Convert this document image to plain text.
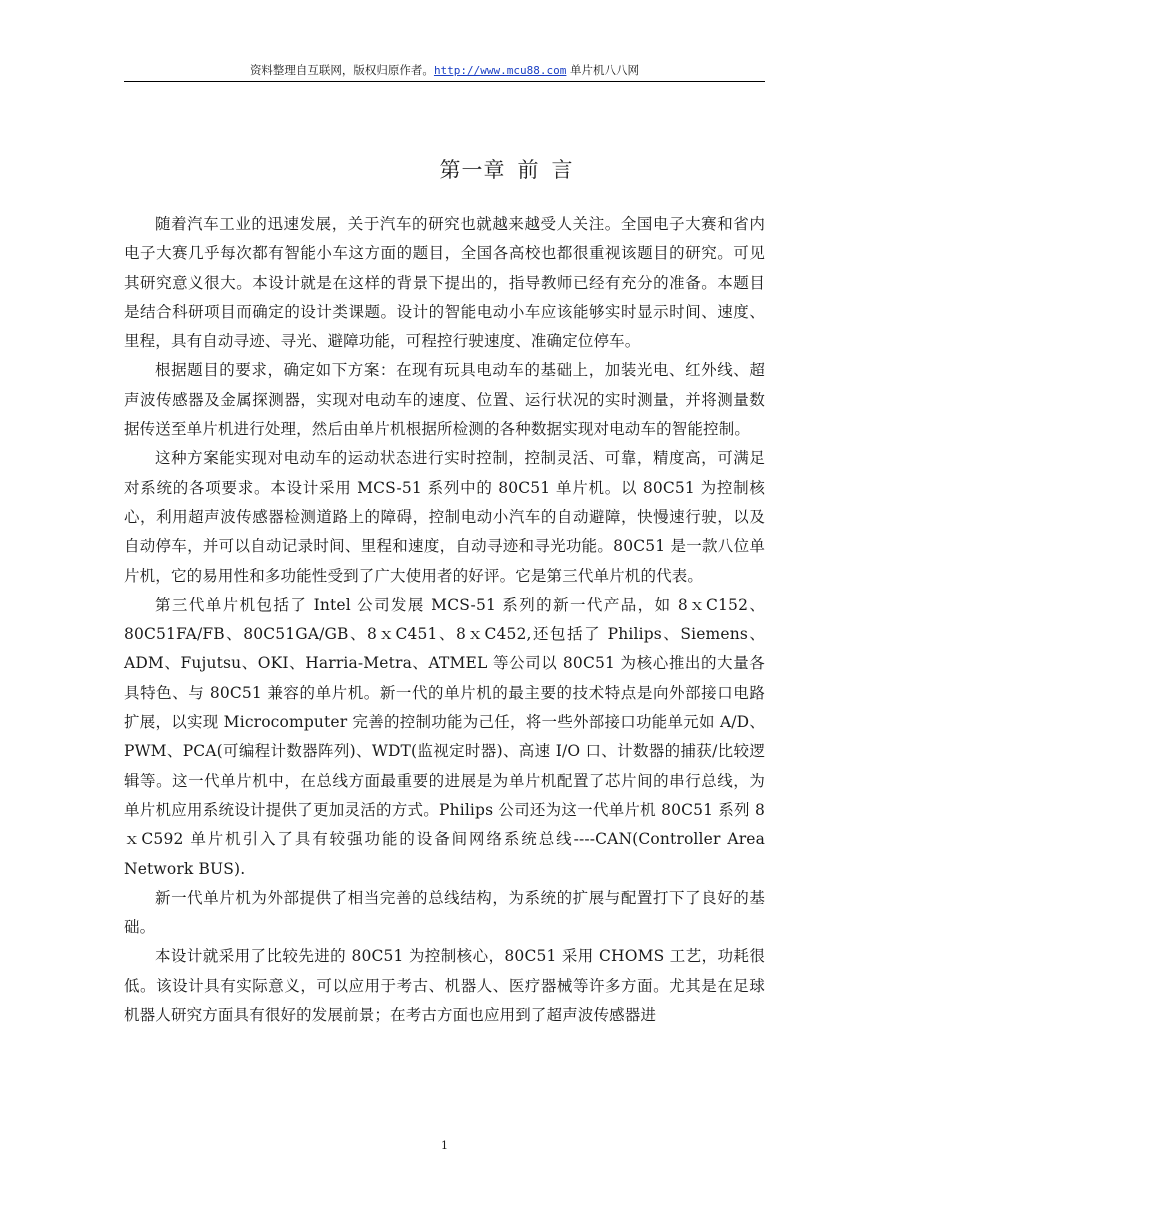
资料整理自互联网，版权归原作者。http://www.mcu88.com 单片机八八网
第一章 前 言

随着汽车工业的迅速发展，关于汽车的研究也就越来越受人关注。全国电子大赛和省内电子大赛几乎每次都有智能小车这方面的题目，全国各高校也都很重视该题目的研究。可见其研究意义很大。本设计就是在这样的背景下提出的，指导教师已经有充分的准备。本题目是结合科研项目而确定的设计类课题。设计的智能电动小车应该能够实时显示时间、速度、里程，具有自动寻迹、寻光、避障功能，可程控行驶速度、准确定位停车。

根据题目的要求，确定如下方案：在现有玩具电动车的基础上，加装光电、红外线、超声波传感器及金属探测器，实现对电动车的速度、位置、运行状况的实时测量，并将测量数据传送至单片机进行处理，然后由单片机根据所检测的各种数据实现对电动车的智能控制。

这种方案能实现对电动车的运动状态进行实时控制，控制灵活、可靠，精度高，可满足对系统的各项要求。本设计采用 MCS-51 系列中的 80C51 单片机。以 80C51 为控制核心，利用超声波传感器检测道路上的障碍，控制电动小汽车的自动避障，快慢速行驶，以及自动停车，并可以自动记录时间、里程和速度，自动寻迹和寻光功能。80C51 是一款八位单片机，它的易用性和多功能性受到了广大使用者的好评。它是第三代单片机的代表。

第三代单片机包括了 Intel 公司发展 MCS-51 系列的新一代产品，如 8ｘC152、80C51FA/FB、80C51GA/GB、8ｘC451、8ｘC452,还包括了 Philips、Siemens、ADM、Fujutsu、OKI、Harria-Metra、ATMEL 等公司以 80C51 为核心推出的大量各具特色、与 80C51 兼容的单片机。新一代的单片机的最主要的技术特点是向外部接口电路扩展，以实现 Microcomputer 完善的控制功能为己任，将一些外部接口功能单元如 A/D、PWM、PCA(可编程计数器阵列)、WDT(监视定时器)、高速 I/O 口、计数器的捕获/比较逻辑等。这一代单片机中，在总线方面最重要的进展是为单片机配置了芯片间的串行总线，为单片机应用系统设计提供了更加灵活的方式。Philips 公司还为这一代单片机 80C51 系列 8ｘC592 单片机引入了具有较强功能的设备间网络系统总线----CAN(Controller Area Network BUS).

新一代单片机为外部提供了相当完善的总线结构，为系统的扩展与配置打下了良好的基础。

本设计就采用了比较先进的 80C51 为控制核心，80C51 采用 CHOMS 工艺，功耗很低。该设计具有实际意义，可以应用于考古、机器人、医疗器械等许多方面。尤其是在足球机器人研究方面具有很好的发展前景；在考古方面也应用到了超声波传感器进

1
